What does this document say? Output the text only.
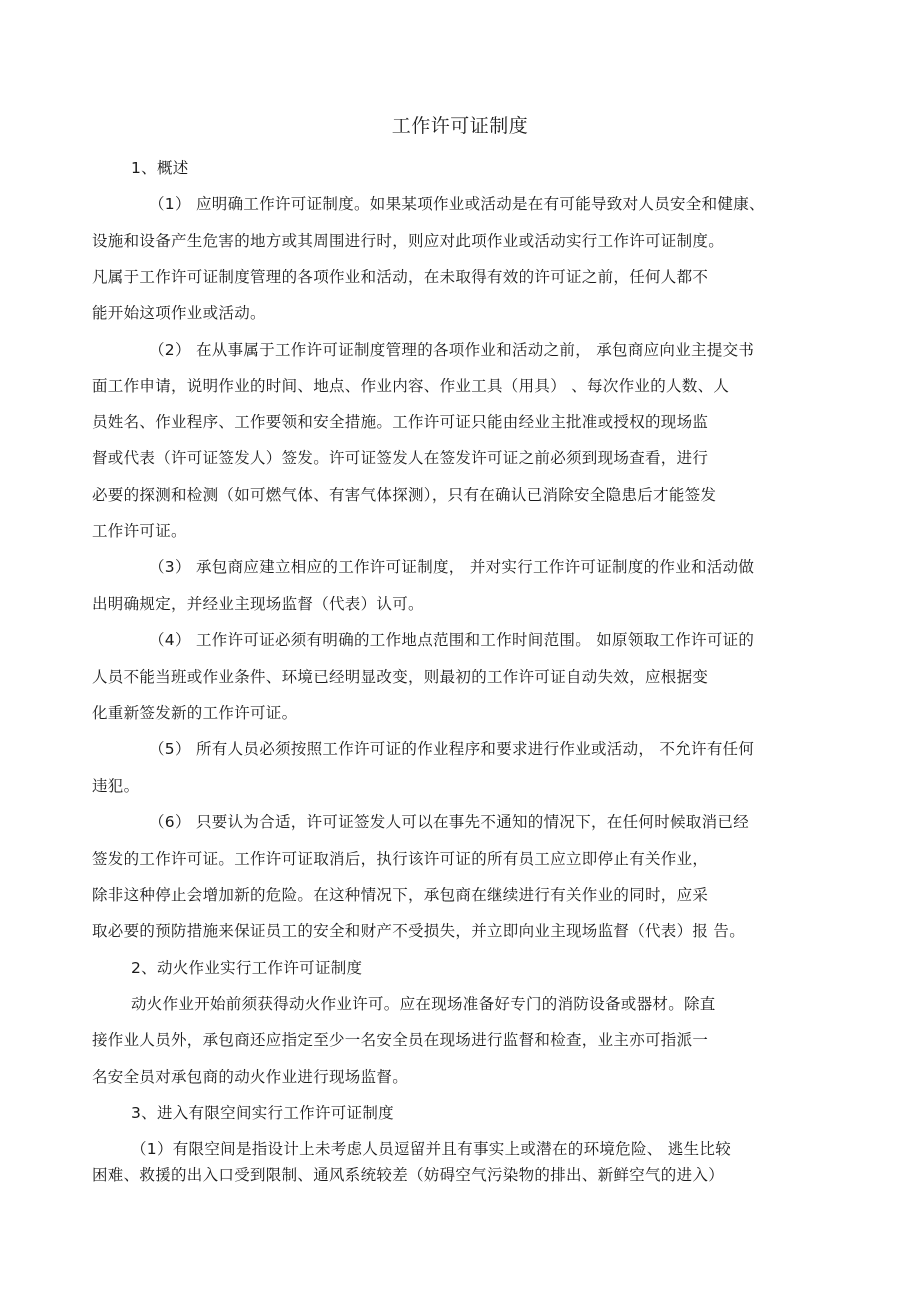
工作许可证制度
1、概述
（1） 应明确工作许可证制度。如果某项作业或活动是在有可能导致对人员安全和健康、
设施和设备产生危害的地方或其周围进行时，则应对此项作业或活动实行工作许可证制度。
凡属于工作许可证制度管理的各项作业和活动，在未取得有效的许可证之前，任何人都不
能开始这项作业或活动。
（2） 在从事属于工作许可证制度管理的各项作业和活动之前， 承包商应向业主提交书
面工作申请，说明作业的时间、地点、作业内容、作业工具（用具） 、每次作业的人数、人
员姓名、作业程序、工作要领和安全措施。工作许可证只能由经业主批准或授权的现场监
督或代表（许可证签发人）签发。许可证签发人在签发许可证之前必须到现场查看，进行
必要的探测和检测（如可燃气体、有害气体探测），只有在确认已消除安全隐患后才能签发
工作许可证。
（3） 承包商应建立相应的工作许可证制度， 并对实行工作许可证制度的作业和活动做
出明确规定，并经业主现场监督（代表）认可。
（4） 工作许可证必须有明确的工作地点范围和工作时间范围。 如原领取工作许可证的
人员不能当班或作业条件、环境已经明显改变，则最初的工作许可证自动失效，应根据变
化重新签发新的工作许可证。
（5） 所有人员必须按照工作许可证的作业程序和要求进行作业或活动， 不允许有任何
违犯。
（6） 只要认为合适，许可证签发人可以在事先不通知的情况下，在任何时候取消已经
签发的工作许可证。工作许可证取消后，执行该许可证的所有员工应立即停止有关作业，
除非这种停止会增加新的危险。在这种情况下，承包商在继续进行有关作业的同时，应采
取必要的预防措施来保证员工的安全和财产不受损失，并立即向业主现场监督（代表）报 告。
2、动火作业实行工作许可证制度
动火作业开始前须获得动火作业许可。应在现场准备好专门的消防设备或器材。除直
接作业人员外，承包商还应指定至少一名安全员在现场进行监督和检查，业主亦可指派一
名安全员对承包商的动火作业进行现场监督。
3、进入有限空间实行工作许可证制度
（1）有限空间是指设计上未考虑人员逗留并且有事实上或潜在的环境危险、 逃生比较
困难、救援的出入口受到限制、通风系统较差（妨碍空气污染物的排出、新鲜空气的进入）
